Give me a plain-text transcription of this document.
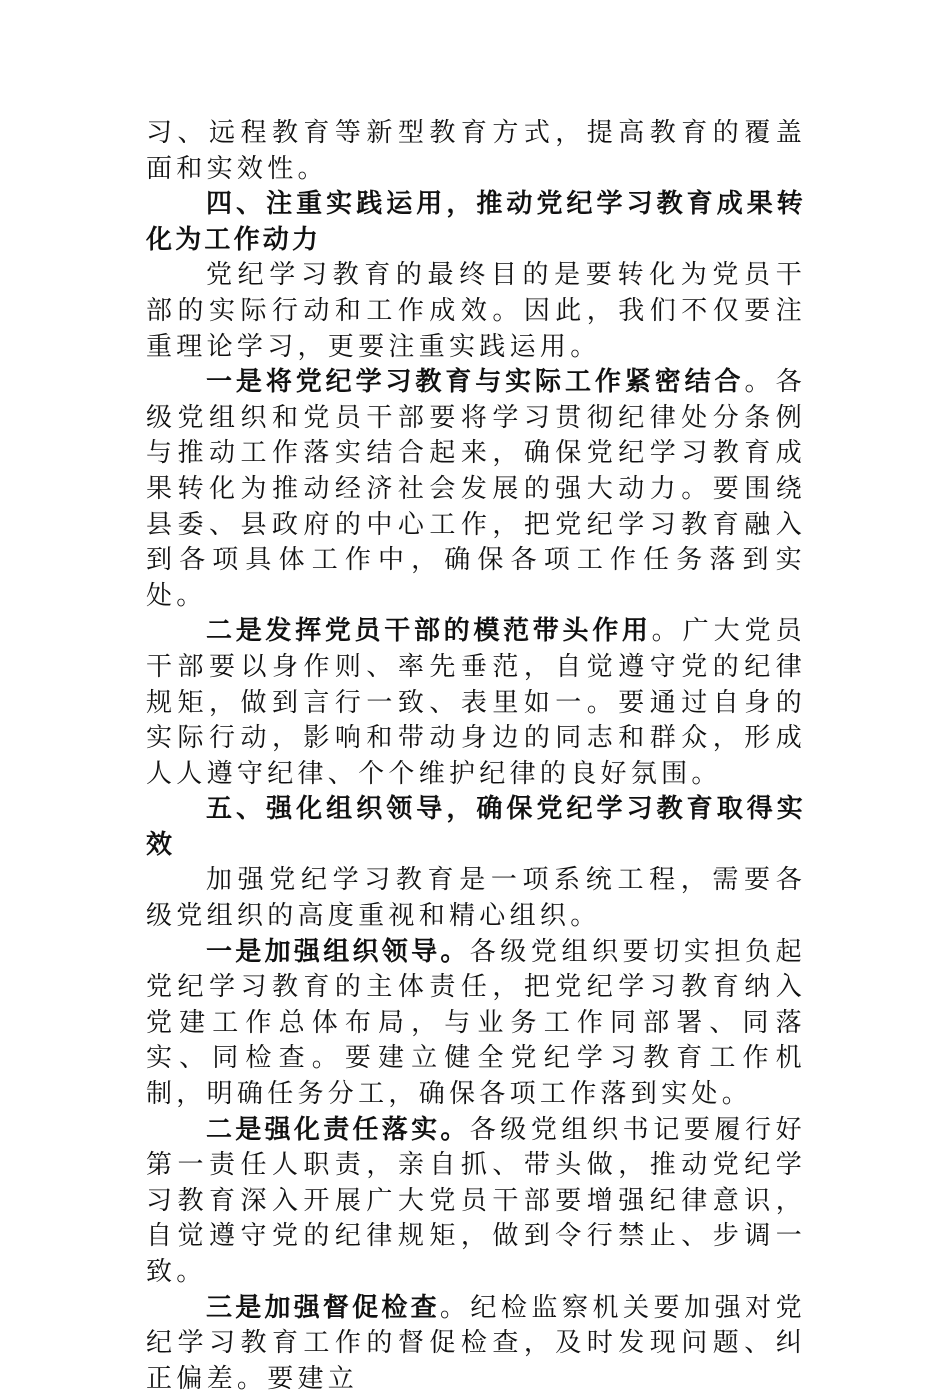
习、远程教育等新型教育方式，提高教育的覆盖面和实效性。

四、注重实践运用，推动党纪学习教育成果转化为工作动力

党纪学习教育的最终目的是要转化为党员干部的实际行动和工作成效。因此，我们不仅要注重理论学习，更要注重实践运用。

一是将党纪学习教育与实际工作紧密结合。各级党组织和党员干部要将学习贯彻纪律处分条例与推动工作落实结合起来，确保党纪学习教育成果转化为推动经济社会发展的强大动力。要围绕县委、县政府的中心工作，把党纪学习教育融入到各项具体工作中，确保各项工作任务落到实处。

二是发挥党员干部的模范带头作用。广大党员干部要以身作则、率先垂范，自觉遵守党的纪律规矩，做到言行一致、表里如一。要通过自身的实际行动，影响和带动身边的同志和群众，形成人人遵守纪律、个个维护纪律的良好氛围。

五、强化组织领导，确保党纪学习教育取得实效

加强党纪学习教育是一项系统工程，需要各级党组织的高度重视和精心组织。

一是加强组织领导。各级党组织要切实担负起党纪学习教育的主体责任，把党纪学习教育纳入党建工作总体布局，与业务工作同部署、同落实、同检查。要建立健全党纪学习教育工作机制，明确任务分工，确保各项工作落到实处。

二是强化责任落实。各级党组织书记要履行好第一责任人职责，亲自抓、带头做，推动党纪学习教育深入开展广大党员干部要增强纪律意识，自觉遵守党的纪律规矩，做到令行禁止、步调一致。

三是加强督促检查。纪检监察机关要加强对党纪学习教育工作的督促检查，及时发现问题、纠正偏差。要建立
